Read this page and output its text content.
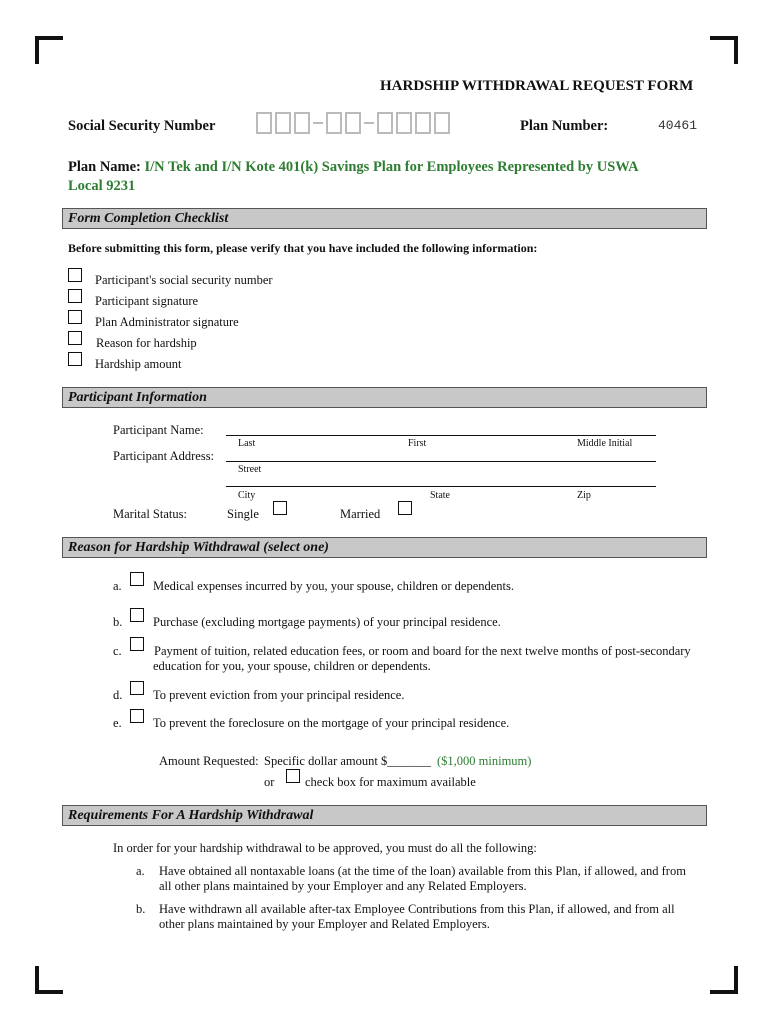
HARDSHIP WITHDRAWAL REQUEST FORM
Social Security Number	Plan Number:	40461
Plan Name: I/N Tek and I/N Kote 401(k) Savings Plan for Employees Represented by USWA
Local 9231
Form Completion Checklist
Before submitting this form, please verify that you have included the following information:
Participant's social security number
Participant signature
Plan Administrator signature
Reason for hardship
Hardship amount
Participant Information
Participant Name:
Last	First	Middle Initial
Participant Address:
Street
City	State	Zip
Marital Status:	Single	Married
Reason for Hardship Withdrawal (select one)
a.	Medical expenses incurred by you, your spouse, children or dependents.
b. Purchase (excluding mortgage payments) of your principal residence.
c.	Payment of tuition, related education fees, or room and board for the next twelve months of post-secondary
education for you, your spouse, children or dependents.
d. To prevent eviction from your principal residence.
e.	To prevent the foreclosure on the mortgage of your principal residence.
Amount Requested: Specific dollar amount $_______ ($1,000 minimum)
or check box for maximum available
Requirements For A Hardship Withdrawal
In order for your hardship withdrawal to be approved, you must do all the following:
a. Have obtained all nontaxable loans (at the time of the loan) available from this Plan, if allowed, and from
all other plans maintained by your Employer and any Related Employers.
b. Have withdrawn all available after-tax Employee Contributions from this Plan, if allowed, and from all
other plans maintained by your Employer and Related Employers.
